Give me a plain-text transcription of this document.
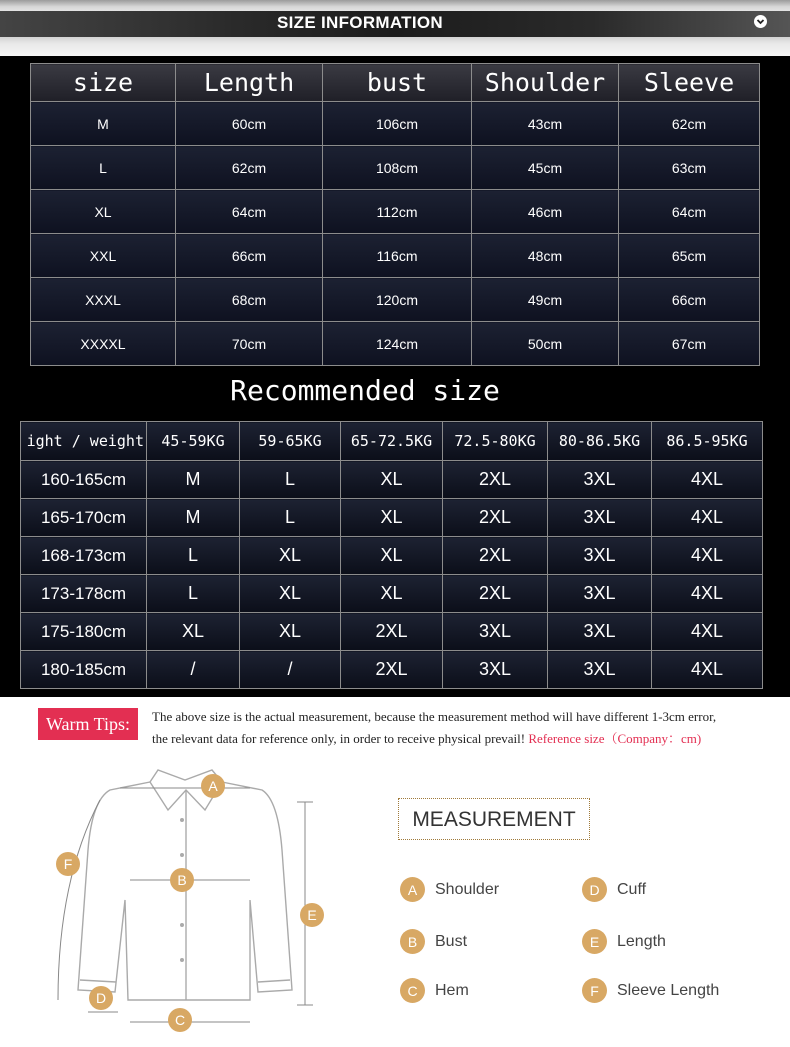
SIZE INFORMATION
size	Length	bust	Shoulder	Sleeve
M	60cm	106cm	43cm	62cm
L	62cm	108cm	45cm	63cm
XL	64cm	112cm	46cm	64cm
XXL	66cm	116cm	48cm	65cm
XXXL	68cm	120cm	49cm	66cm
XXXXL	70cm	124cm	50cm	67cm
Recommended size
ight / weight	45-59KG	59-65KG	65-72.5KG	72.5-80KG	80-86.5KG	86.5-95KG
160-165cm	M	L	XL	2XL	3XL	4XL
165-170cm	M	L	XL	2XL	3XL	4XL
168-173cm	L	XL	XL	2XL	3XL	4XL
173-178cm	L	XL	XL	2XL	3XL	4XL
175-180cm	XL	XL	2XL	3XL	3XL	4XL
180-185cm	/	/	2XL	3XL	3XL	4XL
Warm Tips:	The above size is the actual measurement, because the measurement method will have different 1-3cm error,
the relevant data for reference only, in order to receive physical prevail! Reference size（Company：cm)
A
B
C
D
E
F
MEASUREMENT
A	Shoulder
B	Bust
C	Hem
D	Cuff
E	Length
F	Sleeve Length
